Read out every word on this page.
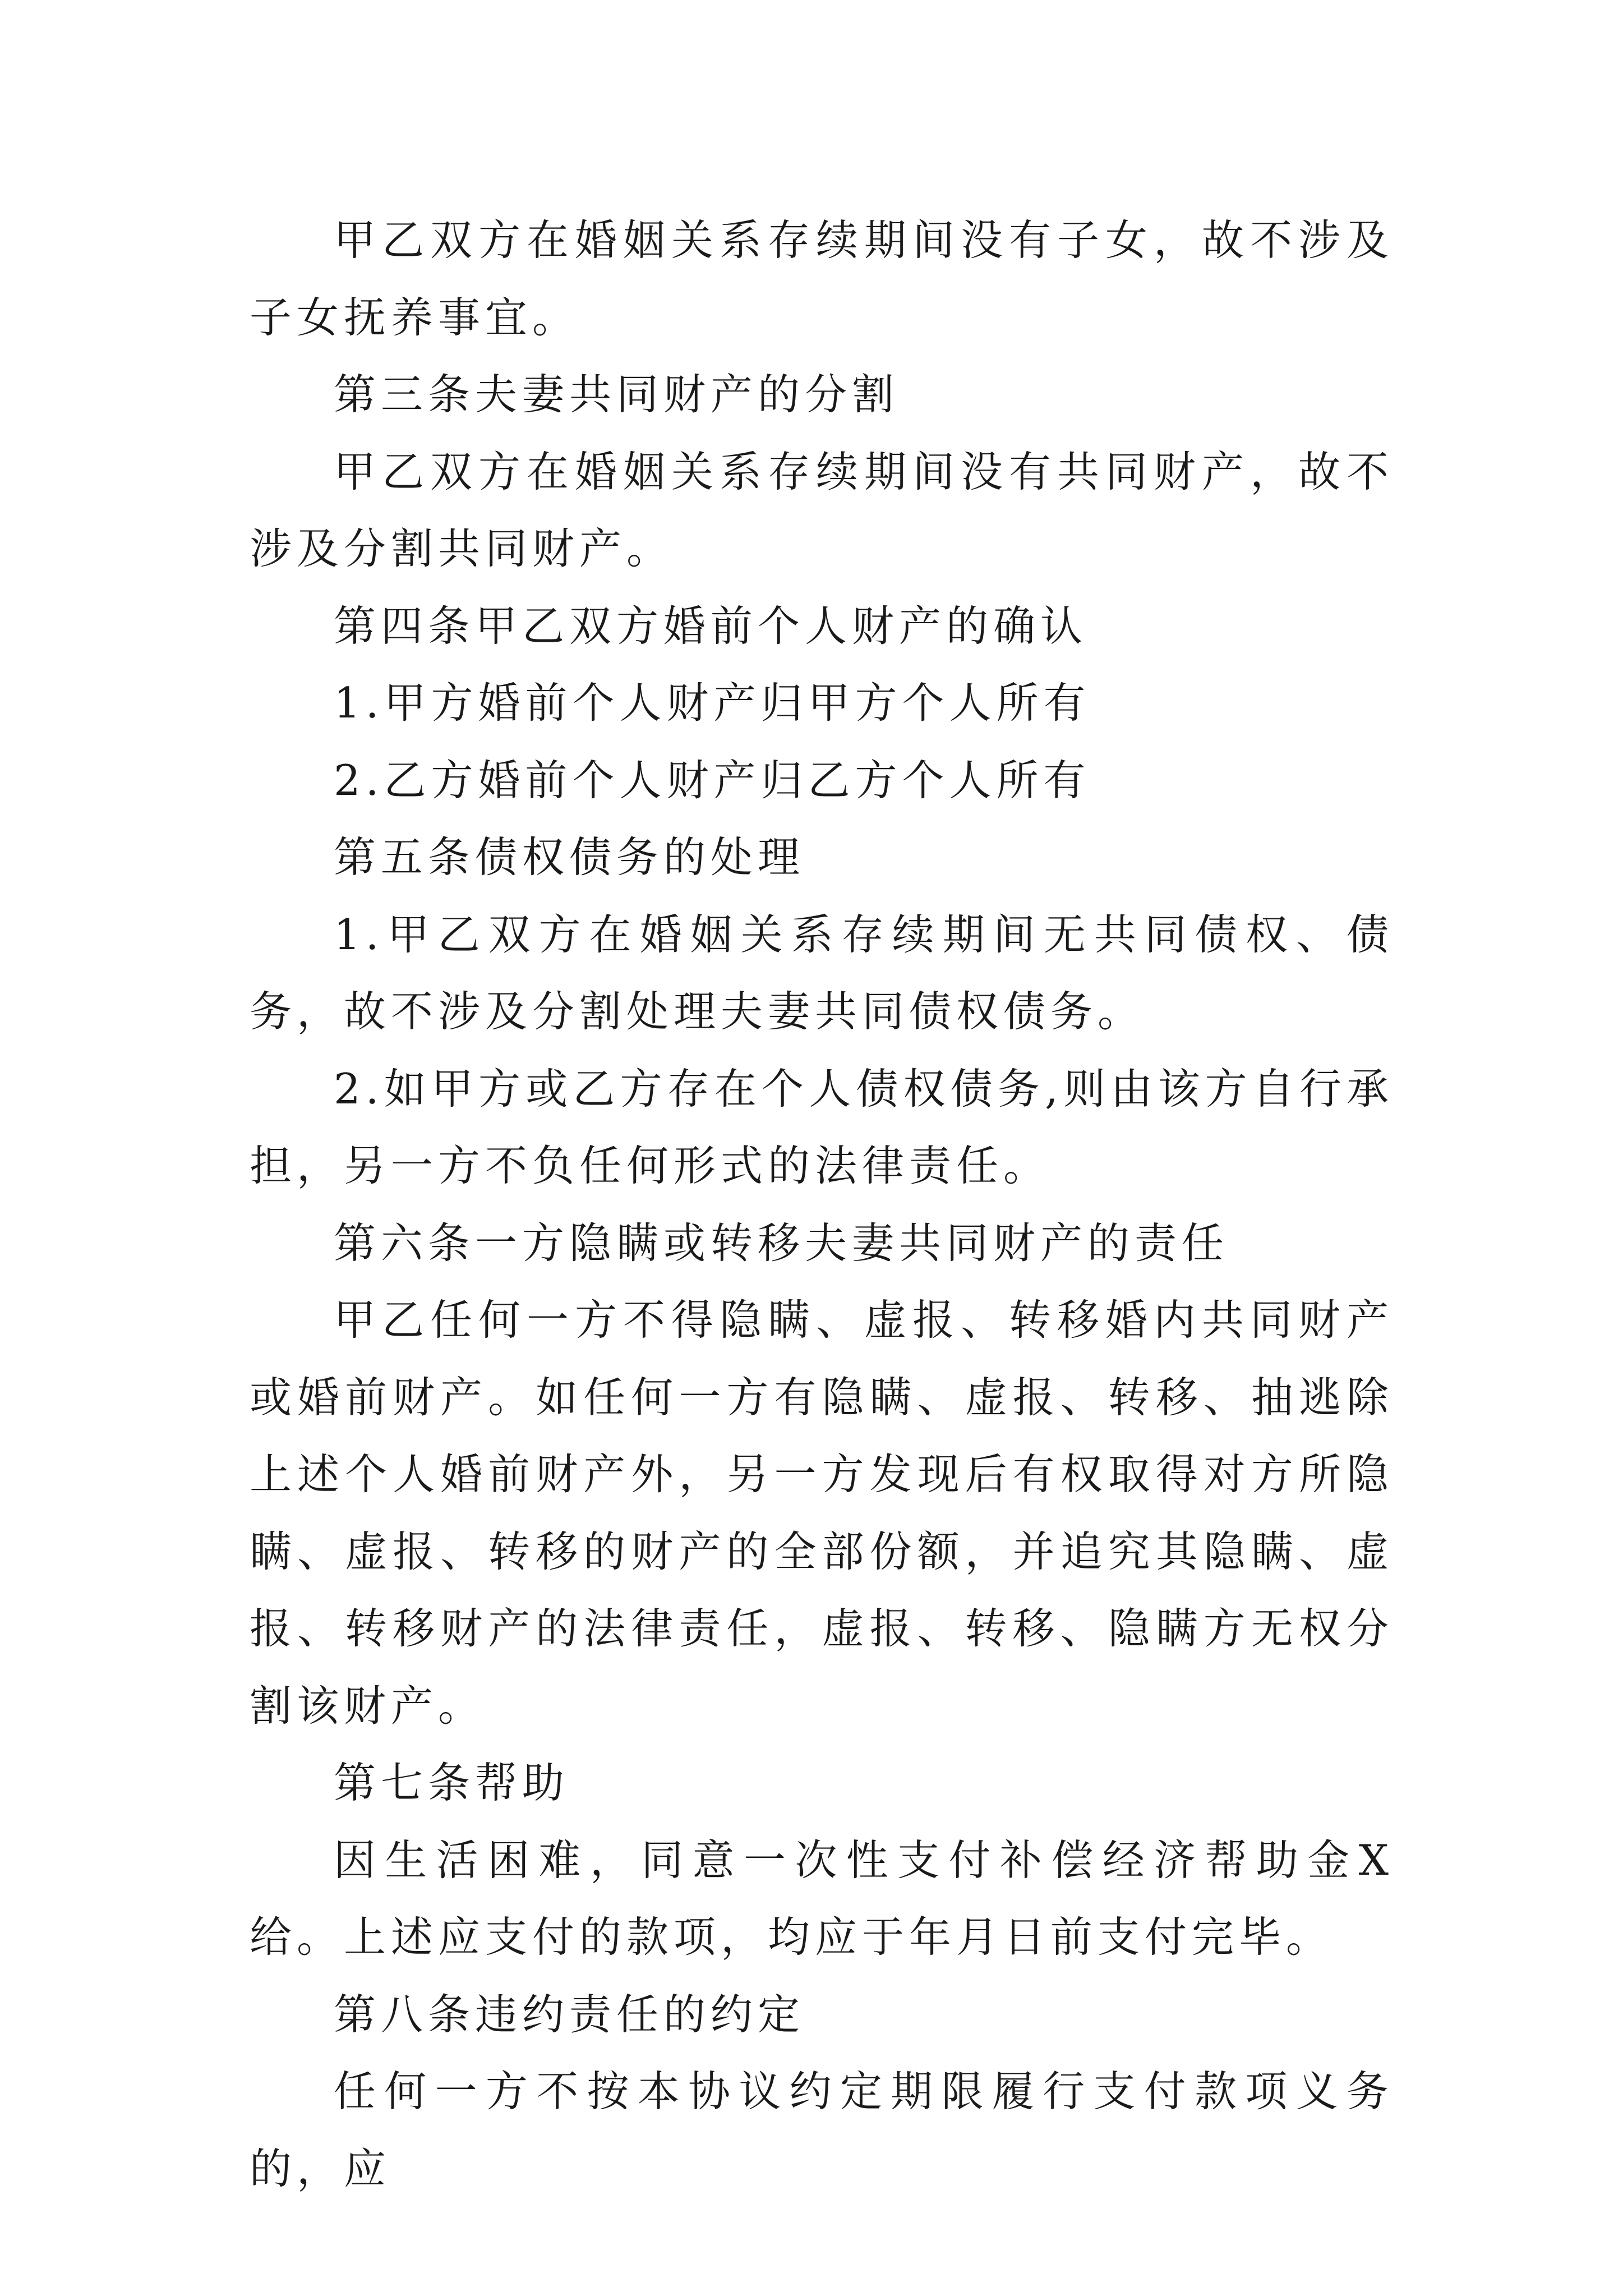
甲乙双方在婚姻关系存续期间没有子女，故不涉及子女抚养事宜。

第三条夫妻共同财产的分割

甲乙双方在婚姻关系存续期间没有共同财产，故不涉及分割共同财产。

第四条甲乙双方婚前个人财产的确认

1.甲方婚前个人财产归甲方个人所有

2.乙方婚前个人财产归乙方个人所有

第五条债权债务的处理

1.甲乙双方在婚姻关系存续期间无共同债权、债务，故不涉及分割处理夫妻共同债权债务。

2.如甲方或乙方存在个人债权债务,则由该方自行承担，另一方不负任何形式的法律责任。

第六条一方隐瞒或转移夫妻共同财产的责任

甲乙任何一方不得隐瞒、虚报、转移婚内共同财产或婚前财产。如任何一方有隐瞒、虚报、转移、抽逃除上述个人婚前财产外，另一方发现后有权取得对方所隐瞒、虚报、转移的财产的全部份额，并追究其隐瞒、虚报、转移财产的法律责任，虚报、转移、隐瞒方无权分割该财产。

第七条帮助

因生活困难，同意一次性支付补偿经济帮助金X给。上述应支付的款项，均应于年月日前支付完毕。

第八条违约责任的约定

任何一方不按本协议约定期限履行支付款项义务的，应
